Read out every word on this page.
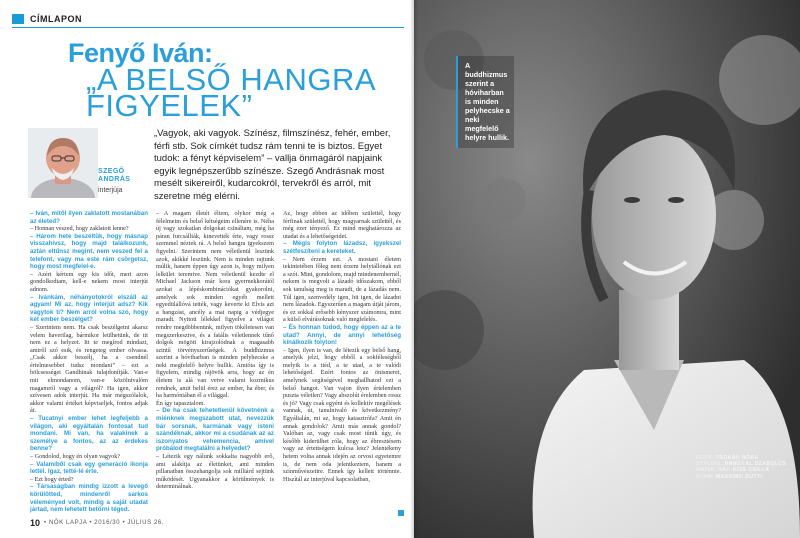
CÍMLAPON
Fenyő Iván:
„A BELSŐ HANGRA
FIGYELEK”
SZEGŐ
ANDRÁS
interjúja
„Vagyok, aki vagyok. Színész, filmszínész, fehér, ember, férfi stb. Sok címkét tudsz rám tenni te is biztos. Egyet tudok: a fényt képviselem” – vallja önmagáról napjaink egyik legnépszerűbb színésze. Szegő Andrásnak most mesélt sikereiről, kudarcokról, tervekről és arról, mit szeretne még elérni.

– Iván, mitől ilyen zaklatott mostanában az életed?

– Honnan veszed, hogy zaklatott lenne?

– Három hete beszéltük, hogy másnap visszahívsz, hogy majd találkozunk, aztán eltűnsz megint, nem veszed fel a telefont, vagy ma este rám csörgetsz, hogy most megfelel-e.

– Azért kértem egy kis időt, mert azon gondolkodtam, kell-e nekem most interjút adnom.

– Ivánkám, néhányotokról elszáll az agyam! Mi az, hogy interjút adsz? Kik vagytok ti? Nem arról volna szó, hogy két ember beszélget?

– Szerintem nem. Ha csak beszélgetni akarsz velem haverilag, bármikor leülhetünk, de itt nem ez a helyzet. Itt te megírod mindazt, amiről szó esik, és rengeteg ember olvassa. „Csak akkor beszélj, ha a csendnél értelmesebbet tudsz mondani” – ezt a bölcsességet Gandhinak tulajdonítják. Van-e mit elmondanom, van-e közölnivalóm magamról vagy a világról? Ha igen, akkor szívesen adok interjút. Ha már mégszólalok, akkor valami értéket képviseljek, fontos adjak át.

– Tucatnyi ember lehet legfeljebb a világon, aki egyáltalán fontosat tud mondani. Mi van, ha valakinek a személye a fontos, az az érdekes benne?

– Gondolod, hogy én olyan vagyok?

– Valamiből csak egy generáció ikonja lettél. Igaz, tetté-lé érte.

– Ezt hogy érted?

– Társaságban mindig izzott a levegő körülötted, mindenről sarkos véleményed volt, mindig a saját utadat jártad, nem lehetett betörni téged.

– A magam életét éltem, olykor még a félelmeim és belső kétségeim ellenére is. Néha új vagy szokatlan dolgokat csináltam, még ha páran furcsállták, kinevették érte, vagy rossz szemmel néztek rá. A belső hangra igyekszem figyelni. Szerintem nem véletlenül leszünk azok, akikké leszünk. Nem is minden rajtunk múlik, hanem éppen úgy azon is, hogy milyen lelkület teremtve. Nem véletlenül kezdte el Michael Jackson már kora gyermekkorától azokat a lépéskombinációkat gyakorolni, amelyek sok minden egyéb mellett egyedülállóvá tették, vagy keverte ki Elvis azt a hangzást, ancély a mai napig a védjegye maradt. Nyitott lélekkel figyelve a világot rendre megdöbbenünk, milyen tökéletesen van megszerkesztve, és a fatális véletlennek tűnő dolgok mögött kirajzolódnak a magasabb szintű törvényszerűségek. A buddhizmus szerint a hóviharban is minden pelyhecske a neki megfelelő helyre hullik. Amióta így is figyelem, mindig rájövök arra, hogy az én életem is alá van vetve valami kozmikus rendnek, amit belül érez az ember, ha éber, és ha harmóniában él a világgal.

Én így tapasztalom.

– De ha csak tehetetlenül követnénk a miénknek megszabott utat, nevezzük bár sorsnak, karmának vagy isteni szándéknak, akkor mi a csudának az az iszonyatos vehemencia, amivel próbálod megtalálni a helyedet?

– Létezik egy nálunk sokkalta nagyobb erő, ami alakítja az életünket, ami minden pillanatban összehangolja sok milliárd sejtünk működését. Ugyanakkor a körülmények is determinálnak.

Az, hogy ebben az időben születtél, hogy férfinak születtél, hogy magyarnak születtél, és még ezer tényező. Ez mind meghatározza az utadat és a lehetőségeidet.

– Mégis folyton lázadsz, igyekszel szétfeszíteni a kereteket.

– Nem érzem ezt. A mostani életem tekintetében főleg nem érzem helytállónak ezt a szót. Mint, gondolom, majd mindenembernél, nekem is megvolt a lázadó időszakom, ebből sok tanulság meg is maradt, de a lázadás nem. Túl igen, szenvedély igen, hit igen, de lázadni nem lázadok. Egyszerűen a magam útját járom, és ez sokkal erősebb kényszer számomra, mint a külső elvárásoknak való megfelelés.

– És honnan tudod, hogy éppen az a te utad? Annyi, de annyi lehetőség kínálkozik folyton!

– Igen, ilyen is van, de létezik egy belső hang, amelyik jelzi, hogy ebből a sokféleségből melyik is a tiéd, a te utad, a te valódi lehetőséged. Ezért fontos az önismeret, amelynek segítségével meghallhatod ezt a belső hangot. Van vajon ilyen értelemben puszta véletlen? Vagy abszolút érelemben rossz és jó? Vagy csak egyéni és kollektív megélések vannak, út, tanulnivaló és következmény? Egyáltalán, mi az, hogy katasztrófa? Amit én annak gondolok? Amit más annak gondol? Valóban az, vagy csak most tűnik úgy, és később kiderülhet róla, hogy az ébresztésem vagy az értettségem kulcsa lesz? Jelentékeny hetem volna annak idején az orvosi egyetemre is, de nem oda jelentkeztem, hanem a színművészetire. Ennek így kellett történnie. Hiszítál az interjúval kapcsolatban,

10 • NŐK LAPJA • 2016/30 • JÚLIUS 26.
A buddhizmus szerint a hóviharban is minden pelyhecske a neki megfelelő helyre hullik.
FOTÓ: TROKÁN NÓRA
STYLING: HANGYÁL SZABOLCS
SMINK, HAJ: KISS CSILLA
RUHA: MASSIMO DUTTI
